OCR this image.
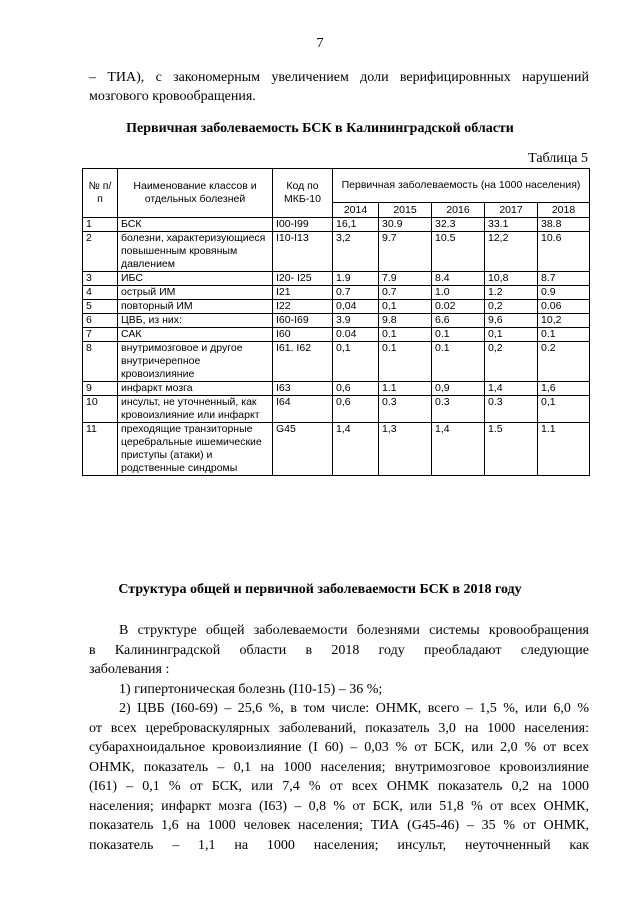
7
– ТИА), с закономерным увеличением доли верифицировнных нарушений
мозгового кровообращения.
Первичная заболеваемость БСК в Калининградской области
Таблица 5
№ п/п	Наименование классов и отдельных болезней	Код по МКБ-10	Первичная заболеваемость (на 1000 населения)				
			2014	2015	2016	2017	2018
1	БСК	I00-I99	16,1	30.9	32.3	33.1	38.8
2	болезни, характеризующиеся повышенным кровяным давлением	I10-I13	3,2	9.7	10.5	12,2	10.6
3	ИБС	I20- I25	1.9	7.9	8.4	10,8	8.7
4	острый ИМ	I21	0.7	0.7	1.0	1.2	0.9
5	повторный ИМ	I22	0,04	0,1	0.02	0,2	0.06
6	ЦВБ, из них:	I60-I69	3.9	9.8	6.6	9,6	10,2
7	САК	I60	0.04	0.1	0.1	0,1	0.1
8	внутримозговое и другое внутричерепное кровоизлияние	I61. I62	0,1	0.1	0.1	0,2	0.2
9	инфаркт мозга	I63	0,6	1.1	0,9	1,4	1,6
10	инсульт, не уточненный, как кровоизлияние или инфаркт	I64	0,6	0.3	0.3	0.3	0,1
11	преходящие транзиторные церебральные ишемические приступы (атаки) и родственные синдромы	G45	1,4	1,3	1,4	1.5	1.1
Структура общей и первичной заболеваемости БСК в 2018 году
В структуре общей заболеваемости болезнями системы кровообращения
в Калининградской области в 2018 году преобладают следующие
заболевания :
1) гипертоническая болезнь (I10-15) – 36 %;
2) ЦВБ (I60-69) – 25,6 %, в том числе: ОНМК, всего – 1,5 %, или 6,0 %
от всех цереброваскулярных заболеваний, показатель 3,0 на 1000 населения:
субарахноидальное кровоизлияние (I 60) – 0,03 % от БСК, или 2,0 % от всех
ОНМК, показатель – 0,1 на 1000 населения; внутримозговое кровоизлияние
(I61) – 0,1 % от БСК, или 7,4 % от всех ОНМК показатель 0,2 на 1000
населения; инфаркт мозга (I63) – 0,8 % от БСК, или 51,8 % от всех ОНМК,
показатель 1,6 на 1000 человек населения; ТИА (G45-46) – 35 % от ОНМК,
показатель – 1,1 на 1000 населения; инсульт, неуточненный как
